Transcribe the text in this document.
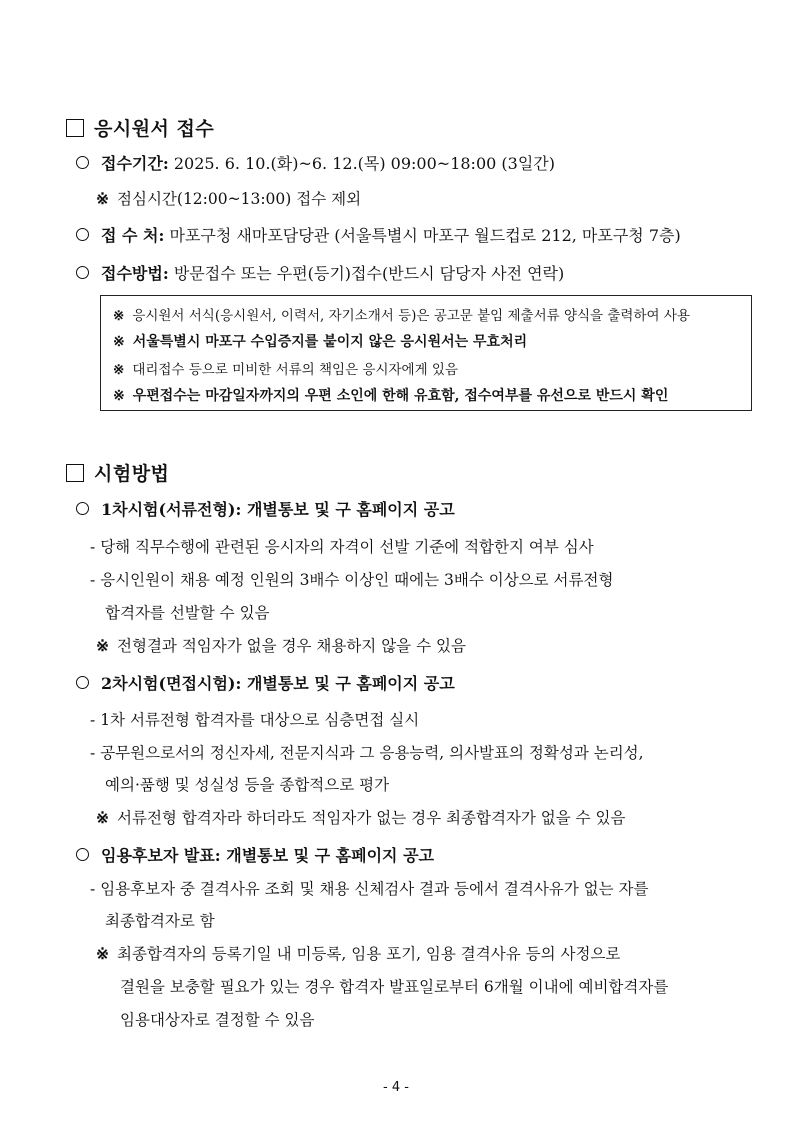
응시원서 접수
접수기간: 2025. 6. 10.(화)~6. 12.(목) 09:00~18:00 (3일간)
※ 점심시간(12:00~13:00) 접수 제외
접 수 처: 마포구청 새마포담당관 (서울특별시 마포구 월드컵로 212, 마포구청 7층)
접수방법: 방문접수 또는 우편(등기)접수(반드시 담당자 사전 연락)
※ 응시원서 서식(응시원서, 이력서, 자기소개서 등)은 공고문 붙임 제출서류 양식을 출력하여 사용
※ 서울특별시 마포구 수입증지를 붙이지 않은 응시원서는 무효처리
※ 대리접수 등으로 미비한 서류의 책임은 응시자에게 있음
※ 우편접수는 마감일자까지의 우편 소인에 한해 유효함, 접수여부를 유선으로 반드시 확인
시험방법
1차시험(서류전형): 개별통보 및 구 홈페이지 공고
- 당해 직무수행에 관련된 응시자의 자격이 선발 기준에 적합한지 여부 심사
- 응시인원이 채용 예정 인원의 3배수 이상인 때에는 3배수 이상으로 서류전형
합격자를 선발할 수 있음
※ 전형결과 적임자가 없을 경우 채용하지 않을 수 있음
2차시험(면접시험): 개별통보 및 구 홈페이지 공고
- 1차 서류전형 합격자를 대상으로 심층면접 실시
- 공무원으로서의 정신자세, 전문지식과 그 응용능력, 의사발표의 정확성과 논리성,
예의·품행 및 성실성 등을 종합적으로 평가
※ 서류전형 합격자라 하더라도 적임자가 없는 경우 최종합격자가 없을 수 있음
임용후보자 발표: 개별통보 및 구 홈페이지 공고
- 임용후보자 중 결격사유 조회 및 채용 신체검사 결과 등에서 결격사유가 없는 자를
최종합격자로 함
※ 최종합격자의 등록기일 내 미등록, 임용 포기, 임용 결격사유 등의 사정으로
결원을 보충할 필요가 있는 경우 합격자 발표일로부터 6개월 이내에 예비합격자를
임용대상자로 결정할 수 있음
- 4 -
